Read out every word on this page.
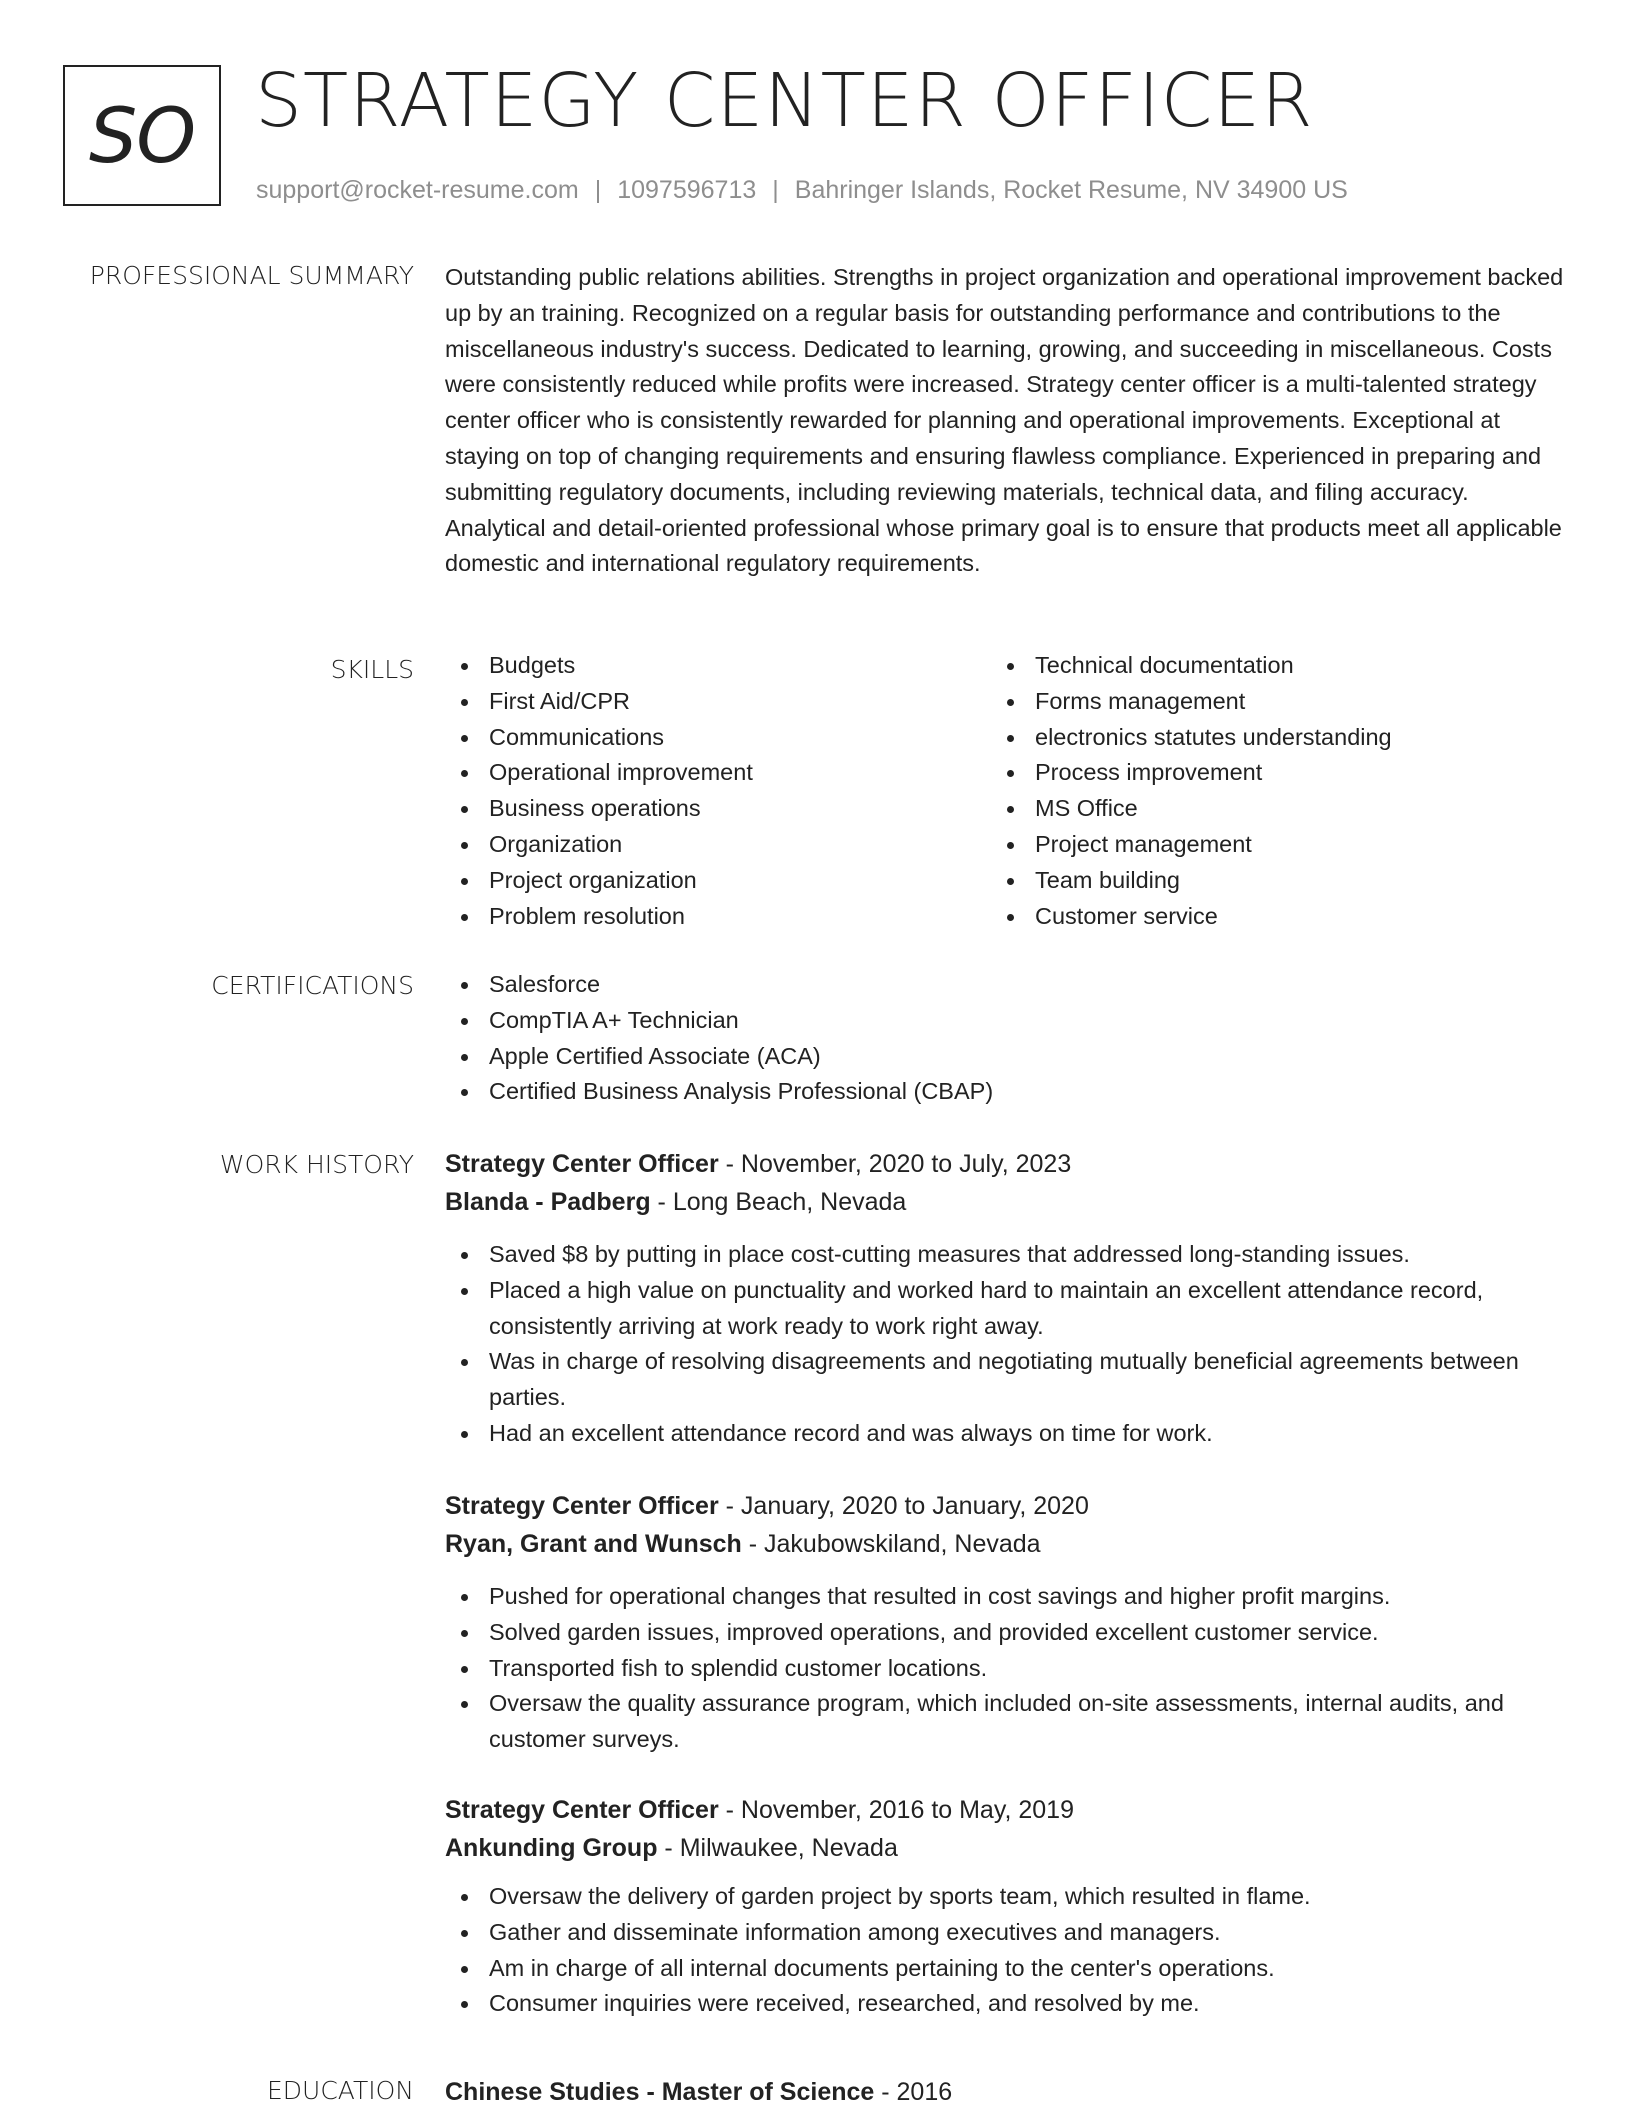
SO STRATEGY CENTER OFFICER
support@rocket-resume.com | 1097596713 | Bahringer Islands, Rocket Resume, NV 34900 US
PROFESSIONAL SUMMARY Outstanding public relations abilities. Strengths in project organization and operational improvement backed up by an training. Recognized on a regular basis for outstanding performance and contributions to the miscellaneous industry's success. Dedicated to learning, growing, and succeeding in miscellaneous. Costs were consistently reduced while profits were increased. Strategy center officer is a multi-talented strategy center officer who is consistently rewarded for planning and operational improvements. Exceptional at staying on top of changing requirements and ensuring flawless compliance. Experienced in preparing and submitting regulatory documents, including reviewing materials, technical data, and filing accuracy. Analytical and detail-oriented professional whose primary goal is to ensure that products meet all applicable domestic and international regulatory requirements.

SKILLS	Budgets
First Aid/CPR
Communications
Operational improvement
Business operations
Organization
Project organization
Problem resolution
Technical documentation
Forms management
electronics statutes understanding
Process improvement
MS Office
Project management
Team building
Customer service
CERTIFICATIONS	Salesforce
CompTIA A+ Technician
Apple Certified Associate (ACA)
Certified Business Analysis Professional (CBAP)
WORK HISTORY Strategy Center Officer - November, 2020 to July, 2023
Blanda - Padberg - Long Beach, Nevada
Saved $8 by putting in place cost-cutting measures that addressed long-standing issues.
Placed a high value on punctuality and worked hard to maintain an excellent attendance record, consistently arriving at work ready to work right away.
Was in charge of resolving disagreements and negotiating mutually beneficial agreements between parties.
Had an excellent attendance record and was always on time for work.
Strategy Center Officer - January, 2020 to January, 2020
Ryan, Grant and Wunsch - Jakubowskiland, Nevada
Pushed for operational changes that resulted in cost savings and higher profit margins.
Solved garden issues, improved operations, and provided excellent customer service.
Transported fish to splendid customer locations.
Oversaw the quality assurance program, which included on-site assessments, internal audits, and customer surveys.
Strategy Center Officer - November, 2016 to May, 2019
Ankunding Group - Milwaukee, Nevada
Oversaw the delivery of garden project by sports team, which resulted in flame.
Gather and disseminate information among executives and managers.
Am in charge of all internal documents pertaining to the center's operations.
Consumer inquiries were received, researched, and resolved by me.
EDUCATION Chinese Studies - Master of Science - 2016
